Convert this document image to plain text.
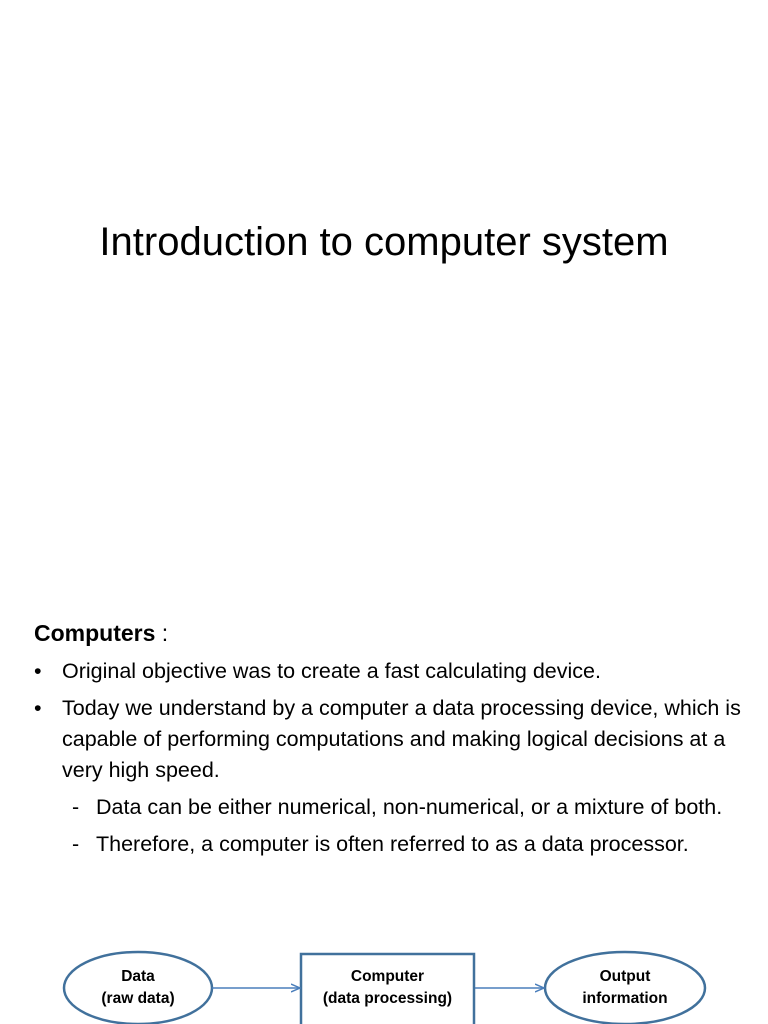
Introduction to computer system
Computers :
• Original objective was to create a fast calculating device.
• Today we understand by a computer a data processing device, which is capable of performing computations and making logical decisions at a very high speed.
- Data can be either numerical, non-numerical, or a mixture of both.
- Therefore, a computer is often referred to as a data processor.
Data
(raw data)
Computer
(data processing)
Output
information
